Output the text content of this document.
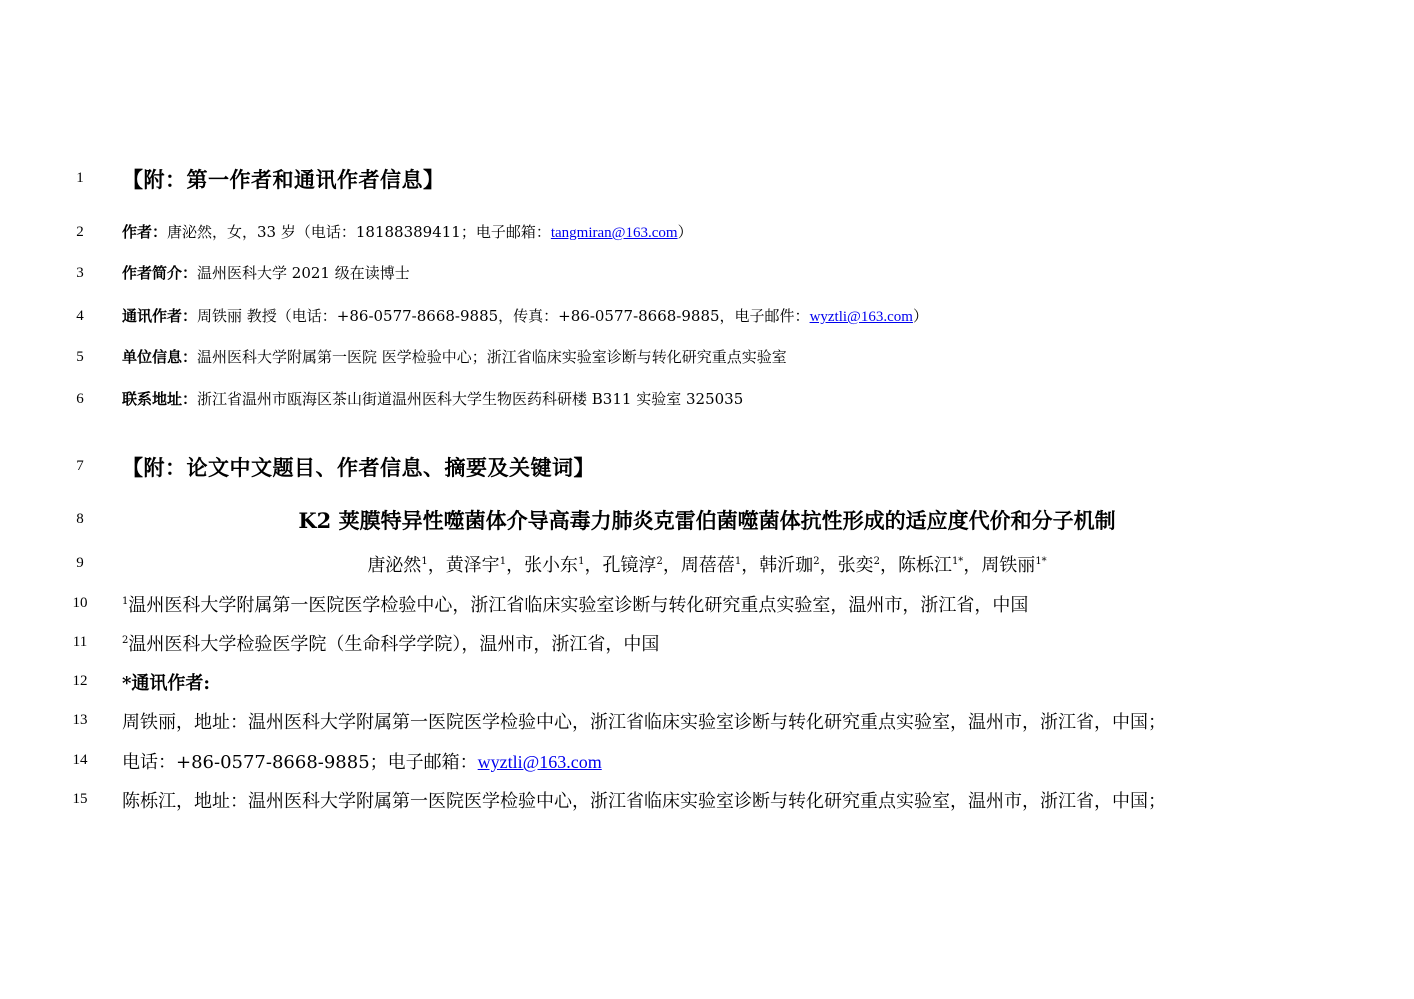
1	【附：第一作者和通讯作者信息】
2	作者：唐泌然，女，33 岁（电话：18188389411；电子邮箱：tangmiran@163.com）
3	作者简介：温州医科大学 2021 级在读博士
4	通讯作者：周铁丽 教授（电话：+86-0577-8668-9885，传真：+86-0577-8668-9885，电子邮件：wyztli@163.com）
5	单位信息：温州医科大学附属第一医院 医学检验中心；浙江省临床实验室诊断与转化研究重点实验室
6	联系地址：浙江省温州市瓯海区茶山街道温州医科大学生物医药科研楼 B311 实验室 325035
7	【附：论文中文题目、作者信息、摘要及关键词】
8	K2 荚膜特异性噬菌体介导高毒力肺炎克雷伯菌噬菌体抗性形成的适应度代价和分子机制
9	唐泌然$^1$，黄泽宇$^1$，张小东$^1$，孔镜淳$^2$，周蓓蓓$^1$，韩沂珈$^2$，张奕$^2$，陈栎江$^{1*}$，周铁丽$^{1*}$
10	$^1$温州医科大学附属第一医院医学检验中心，浙江省临床实验室诊断与转化研究重点实验室，温州市，浙江省，中国
11	$^2$温州医科大学检验医学院（生命科学学院），温州市，浙江省，中国
12	*通讯作者:
13	周铁丽，地址：温州医科大学附属第一医院医学检验中心，浙江省临床实验室诊断与转化研究重点实验室，温州市，浙江省，中国；
14	电话：+86-0577-8668-9885；电子邮箱：wyztli@163.com
15	陈栎江，地址：温州医科大学附属第一医院医学检验中心，浙江省临床实验室诊断与转化研究重点实验室，温州市，浙江省，中国；
